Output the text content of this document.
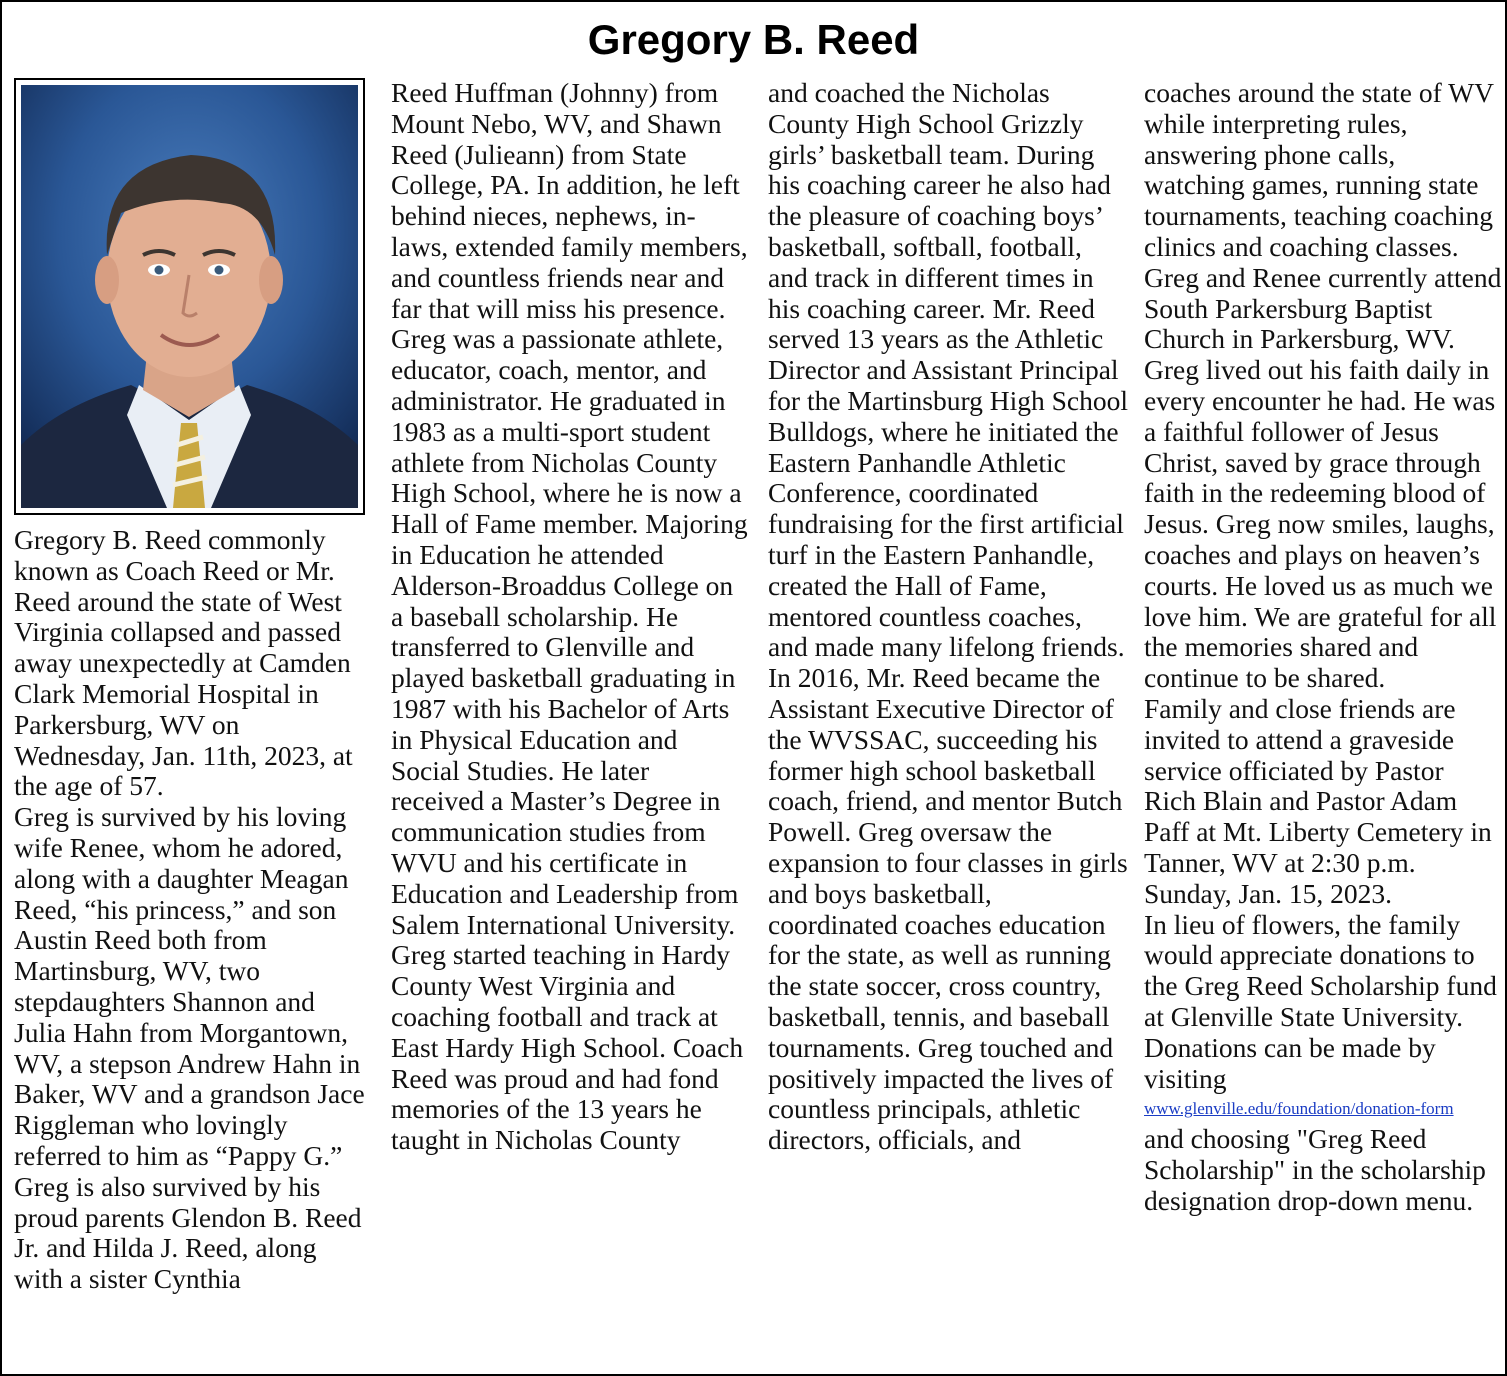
Gregory B. Reed

Gregory B. Reed commonly known as Coach Reed or Mr. Reed around the state of West Virginia collapsed and passed away unexpectedly at Camden Clark Memorial Hospital in Parkersburg, WV on Wednesday, Jan. 11th, 2023, at the age of 57.

Greg is survived by his loving wife Renee, whom he adored, along with a daughter Meagan Reed, “his princess,” and son Austin Reed both from Martinsburg, WV, two stepdaughters Shannon and Julia Hahn from Morgantown, WV, a stepson Andrew Hahn in Baker, WV and a grandson Jace Riggleman who lovingly referred to him as “Pappy G.”

Greg is also survived by his proud parents Glendon B. Reed Jr. and Hilda J. Reed, along with a sister Cynthia

Reed Huffman (Johnny) from Mount Nebo, WV, and Shawn Reed (Julieann) from State College, PA. In addition, he left behind nieces, nephews, in-laws, extended family members, and countless friends near and far that will miss his presence.

Greg was a passionate athlete, educator, coach, mentor, and administrator. He graduated in 1983 as a multi-sport student athlete from Nicholas County High School, where he is now a Hall of Fame member. Majoring in Education he attended Alderson-Broaddus College on a baseball scholarship. He transferred to Glenville and played basketball graduating in 1987 with his Bachelor of Arts in Physical Education and Social Studies. He later received a Master’s Degree in communication studies from WVU and his certificate in Education and Leadership from Salem International University.

Greg started teaching in Hardy County West Virginia and coaching football and track at East Hardy High School. Coach Reed was proud and had fond memories of the 13 years he taught in Nicholas County

and coached the Nicholas County High School Grizzly girls’ basketball team. During his coaching career he also had the pleasure of coaching boys’ basketball, softball, football, and track in different times in his coaching career. Mr. Reed served 13 years as the Athletic Director and Assistant Principal for the Martinsburg High School Bulldogs, where he initiated the Eastern Panhandle Athletic Conference, coordinated fundraising for the first artificial turf in the Eastern Panhandle, created the Hall of Fame, mentored countless coaches, and made many lifelong friends.

In 2016, Mr. Reed became the Assistant Executive Director of the WVSSAC, succeeding his former high school basketball coach, friend, and mentor Butch Powell. Greg oversaw the expansion to four classes in girls and boys basketball, coordinated coaches education for the state, as well as running the state soccer, cross country, basketball, tennis, and baseball tournaments. Greg touched and positively impacted the lives of countless principals, athletic directors, officials, and

coaches around the state of WV while interpreting rules, answering phone calls, watching games, running state tournaments, teaching coaching clinics and coaching classes.

Greg and Renee currently attend South Parkersburg Baptist Church in Parkersburg, WV. Greg lived out his faith daily in every encounter he had. He was a faithful follower of Jesus Christ, saved by grace through faith in the redeeming blood of Jesus. Greg now smiles, laughs, coaches and plays on heaven’s courts. He loved us as much we love him. We are grateful for all the memories shared and continue to be shared.

Family and close friends are invited to attend a graveside service officiated by Pastor Rich Blain and Pastor Adam Paff at Mt. Liberty Cemetery in Tanner, WV at 2:30 p.m. Sunday, Jan. 15, 2023.

In lieu of flowers, the family would appreciate donations to the Greg Reed Scholarship fund at Glenville State University. Donations can be made by visiting

www.glenville.edu/foundation/donation-form

and choosing "Greg Reed Scholarship" in the scholarship designation drop-down menu.
